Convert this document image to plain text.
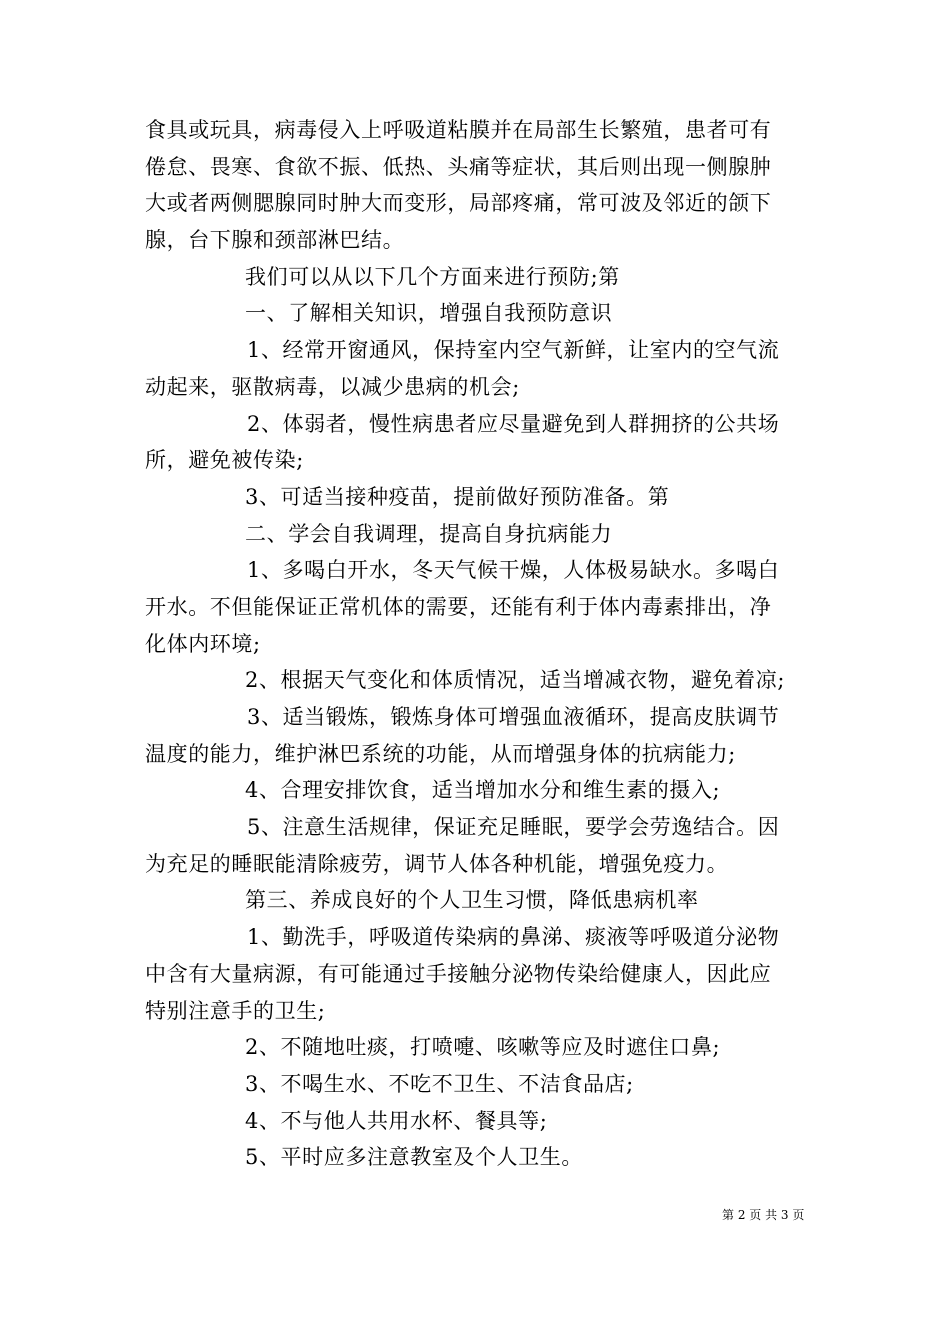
食具或玩具，病毒侵入上呼吸道粘膜并在局部生长繁殖，患者可有
倦怠、畏寒、食欲不振、低热、头痛等症状，其后则出现一侧腺肿
大或者两侧腮腺同时肿大而变形，局部疼痛，常可波及邻近的颌下
腺，台下腺和颈部淋巴结。
我们可以从以下几个方面来进行预防;第
一、了解相关知识，增强自我预防意识
1、经常开窗通风，保持室内空气新鲜，让室内的空气流
动起来，驱散病毒，以减少患病的机会;
2、体弱者，慢性病患者应尽量避免到人群拥挤的公共场
所，避免被传染;
3、可适当接种疫苗，提前做好预防准备。第
二、学会自我调理，提高自身抗病能力
1、多喝白开水，冬天气候干燥，人体极易缺水。多喝白
开水。不但能保证正常机体的需要，还能有利于体内毒素排出，净
化体内环境;
2、根据天气变化和体质情况，适当增减衣物，避免着凉;
3、适当锻炼，锻炼身体可增强血液循环，提高皮肤调节
温度的能力，维护淋巴系统的功能，从而增强身体的抗病能力;
4、合理安排饮食，适当增加水分和维生素的摄入;
5、注意生活规律，保证充足睡眠，要学会劳逸结合。因
为充足的睡眠能清除疲劳，调节人体各种机能，增强免疫力。
第三、养成良好的个人卫生习惯，降低患病机率
1、勤洗手，呼吸道传染病的鼻涕、痰液等呼吸道分泌物
中含有大量病源，有可能通过手接触分泌物传染给健康人，因此应
特别注意手的卫生;
2、不随地吐痰，打喷嚏、咳嗽等应及时遮住口鼻;
3、不喝生水、不吃不卫生、不洁食品店;
4、不与他人共用水杯、餐具等;
5、平时应多注意教室及个人卫生。
第 2 页 共 3 页
